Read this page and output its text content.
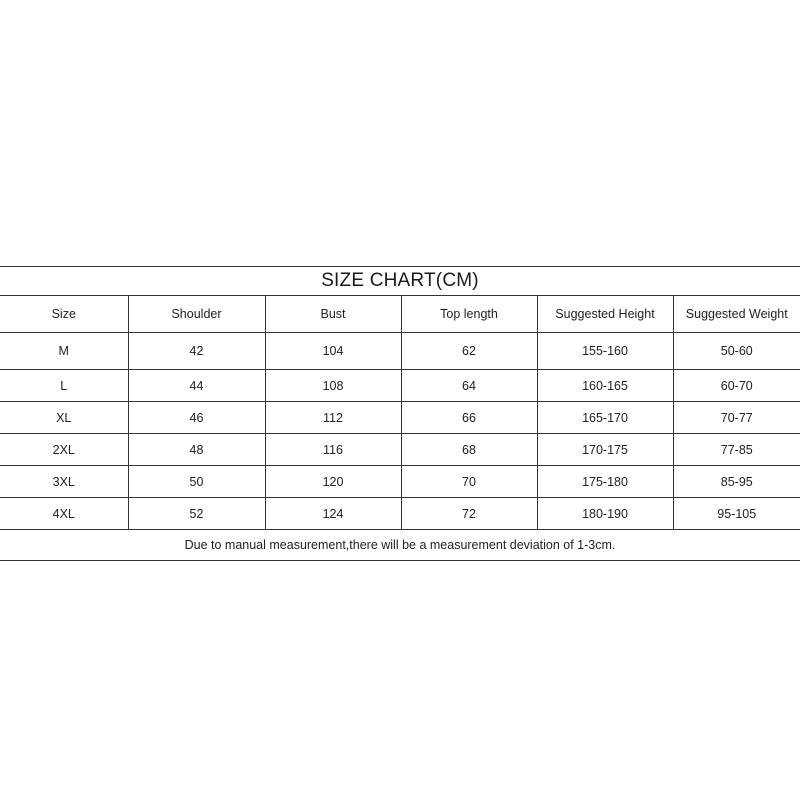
SIZE CHART(CM)
Size	Shoulder	Bust	Top length	Suggested Height	Suggested Weight
M	42	104	62	155-160	50-60
L	44	108	64	160-165	60-70
XL	46	112	66	165-170	70-77
2XL	48	116	68	170-175	77-85
3XL	50	120	70	175-180	85-95
4XL	52	124	72	180-190	95-105
Due to manual measurement,there will be a measurement deviation of 1-3cm.
